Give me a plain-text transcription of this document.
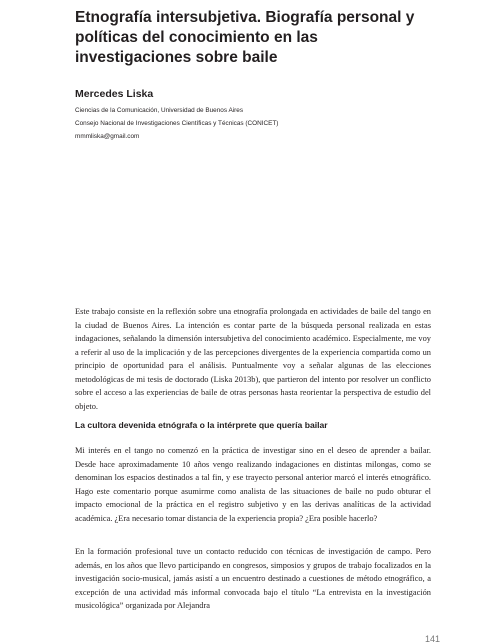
Etnografía intersubjetiva. Biografía personal y políticas del conocimiento en las investigaciones sobre baile

Mercedes Liska

Ciencias de la Comunicación, Universidad de Buenos Aires

Consejo Nacional de Investigaciones Científicas y Técnicas (CONICET)

mmmliska@gmail.com

Este trabajo consiste en la reflexión sobre una etnografía prolongada en actividades de baile del tango en la ciudad de Buenos Aires. La intención es contar parte de la búsqueda personal realizada en estas indagaciones, señalando la dimensión intersubjetiva del conocimiento académico. Especialmente, me voy a referir al uso de la implicación y de las percepciones divergentes de la experiencia compartida como un principio de oportunidad para el análisis. Puntualmente voy a señalar algunas de las elecciones metodológicas de mi tesis de doctorado (Liska 2013b), que partieron del intento por resolver un conflicto sobre el acceso a las experiencias de baile de otras personas hasta reorientar la perspectiva de estudio del objeto.

La cultora devenida etnógrafa o la intérprete que quería bailar

Mi interés en el tango no comenzó en la práctica de investigar sino en el deseo de aprender a bailar. Desde hace aproximadamente 10 años vengo realizando indagaciones en distintas milongas, como se denominan los espacios destinados a tal fin, y ese trayecto personal anterior marcó el interés etnográfico. Hago este comentario porque asumirme como analista de las situaciones de baile no pudo obturar el impacto emocional de la práctica en el registro subjetivo y en las derivas analíticas de la actividad académica. ¿Era necesario tomar distancia de la experiencia propia? ¿Era posible hacerlo?

En la formación profesional tuve un contacto reducido con técnicas de investigación de campo. Pero además, en los años que llevo participando en congresos, simposios y grupos de trabajo focalizados en la investigación socio-musical, jamás asistí a un encuentro destinado a cuestiones de método etnográfico, a excepción de una actividad más informal convocada bajo el título “La entrevista en la investigación musicológica” organizada por Alejandra

141
